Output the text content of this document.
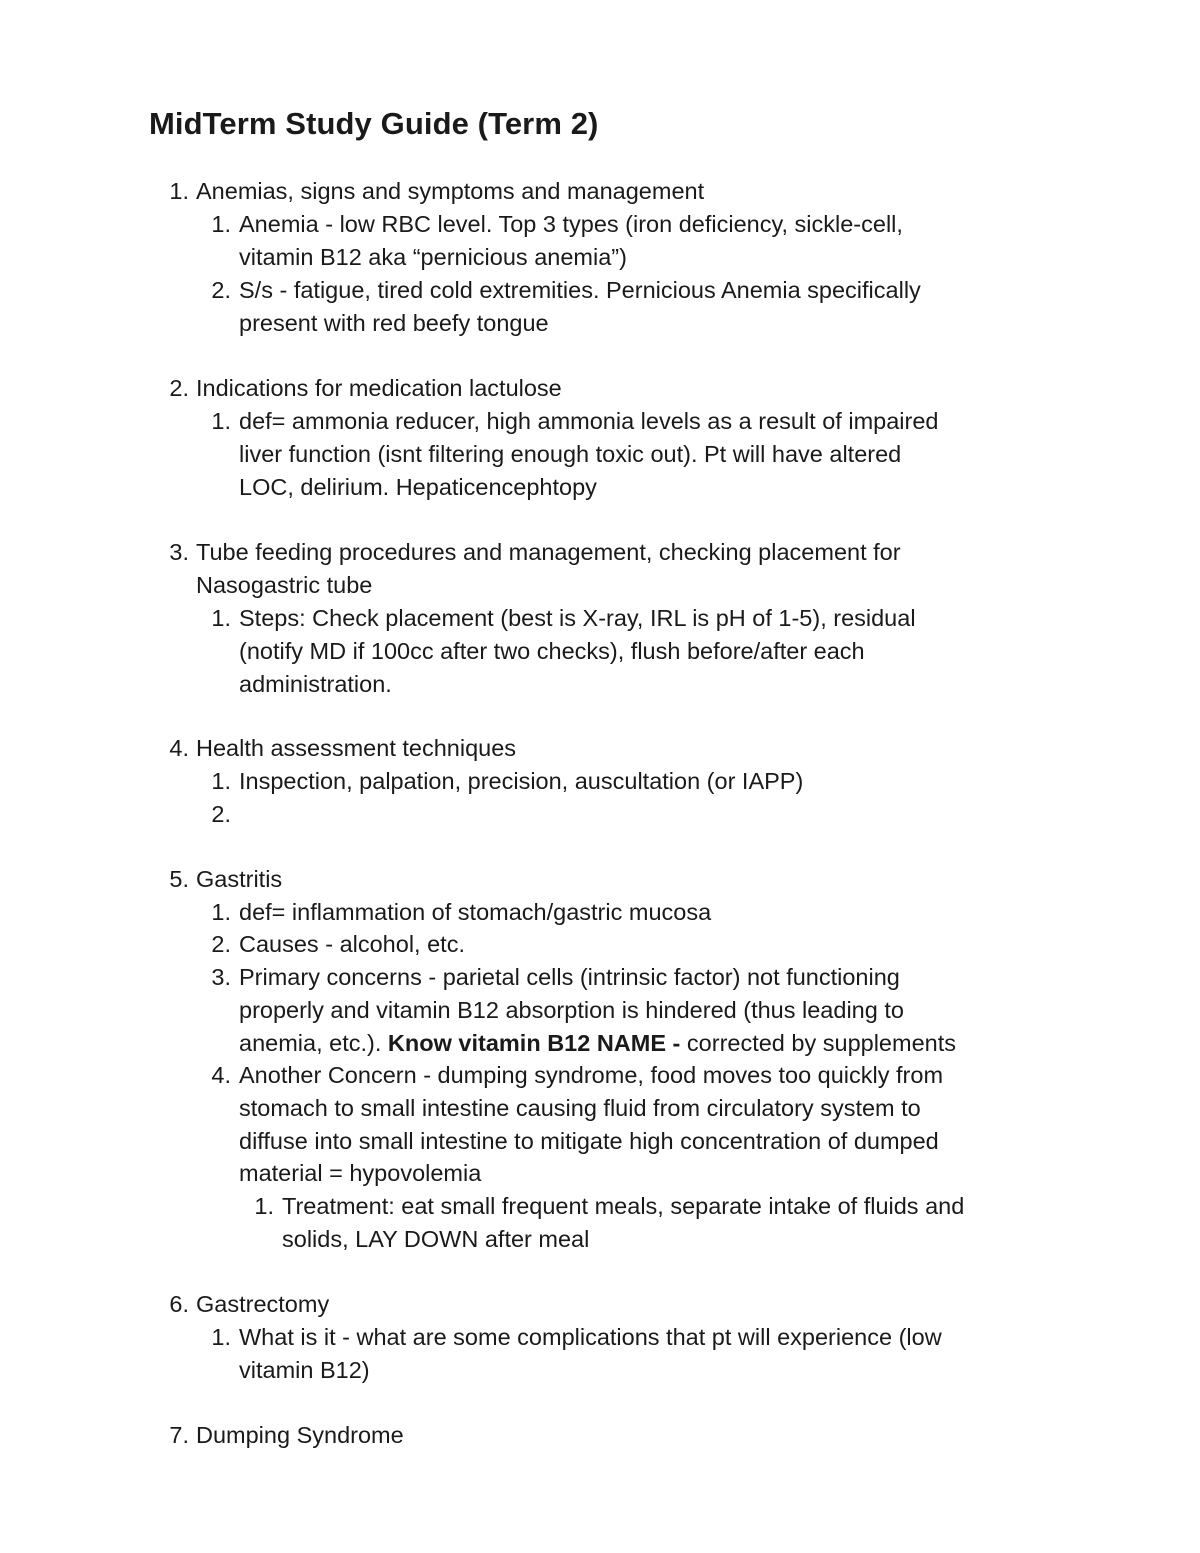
MidTerm Study Guide (Term 2)
1. Anemias, signs and symptoms and management
1. Anemia - low RBC level. Top 3 types (iron deficiency, sickle-cell,
vitamin B12 aka “pernicious anemia”)
2. S/s - fatigue, tired cold extremities. Pernicious Anemia specifically
present with red beefy tongue
2. Indications for medication lactulose
1. def= ammonia reducer, high ammonia levels as a result of impaired
liver function (isnt filtering enough toxic out). Pt will have altered
LOC, delirium. Hepaticencephtopy
3. Tube feeding procedures and management, checking placement for
Nasogastric tube
1. Steps: Check placement (best is X-ray, IRL is pH of 1-5), residual
(notify MD if 100cc after two checks), flush before/after each
administration.
4. Health assessment techniques
1. Inspection, palpation, precision, auscultation (or IAPP)
2.
5. Gastritis
1. def= inflammation of stomach/gastric mucosa
2. Causes - alcohol, etc.
3. Primary concerns - parietal cells (intrinsic factor) not functioning
properly and vitamin B12 absorption is hindered (thus leading to
anemia, etc.). Know vitamin B12 NAME - corrected by supplements
4. Another Concern - dumping syndrome, food moves too quickly from
stomach to small intestine causing fluid from circulatory system to
diffuse into small intestine to mitigate high concentration of dumped
material = hypovolemia
1. Treatment: eat small frequent meals, separate intake of fluids and
solids, LAY DOWN after meal
6. Gastrectomy
1. What is it - what are some complications that pt will experience (low
vitamin B12)
7. Dumping Syndrome
